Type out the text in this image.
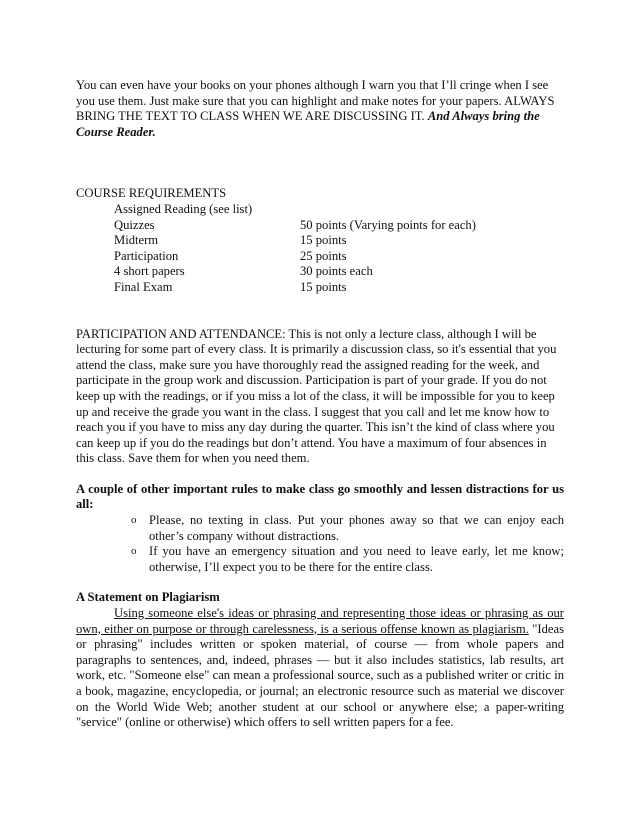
You can even have your books on your phones although I warn you that I’ll cringe when I see you use them. Just make sure that you can highlight and make notes for your papers. ALWAYS BRING THE TEXT TO CLASS WHEN WE ARE DISCUSSING IT. And Always bring the Course Reader.

COURSE REQUIREMENTS
Assigned Reading (see list)
Quizzes	50 points (Varying points for each)
Midterm	15 points
Participation	25 points
4 short papers	30 points each
Final Exam	15 points
PARTICIPATION AND ATTENDANCE: This is not only a lecture class, although I will be lecturing for some part of every class. It is primarily a discussion class, so it's essential that you attend the class, make sure you have thoroughly read the assigned reading for the week, and participate in the group work and discussion. Participation is part of your grade. If you do not keep up with the readings, or if you miss a lot of the class, it will be impossible for you to keep up and receive the grade you want in the class. I suggest that you call and let me know how to reach you if you have to miss any day during the quarter. This isn’t the kind of class where you can keep up if you do the readings but don’t attend. You have a maximum of four absences in this class. Save them for when you need them.
A couple of other important rules to make class go smoothly and lessen distractions for us all:
o Please, no texting in class. Put your phones away so that we can enjoy each other’s company without distractions.
o If you have an emergency situation and you need to leave early, let me know; otherwise, I’ll expect you to be there for the entire class.
A Statement on Plagiarism
Using someone else's ideas or phrasing and representing those ideas or phrasing as our own, either on purpose or through carelessness, is a serious offense known as plagiarism. "Ideas or phrasing" includes written or spoken material, of course — from whole papers and paragraphs to sentences, and, indeed, phrases — but it also includes statistics, lab results, art work, etc. "Someone else" can mean a professional source, such as a published writer or critic in a book, magazine, encyclopedia, or journal; an electronic resource such as material we discover on the World Wide Web; another student at our school or anywhere else; a paper-writing "service" (online or otherwise) which offers to sell written papers for a fee.
